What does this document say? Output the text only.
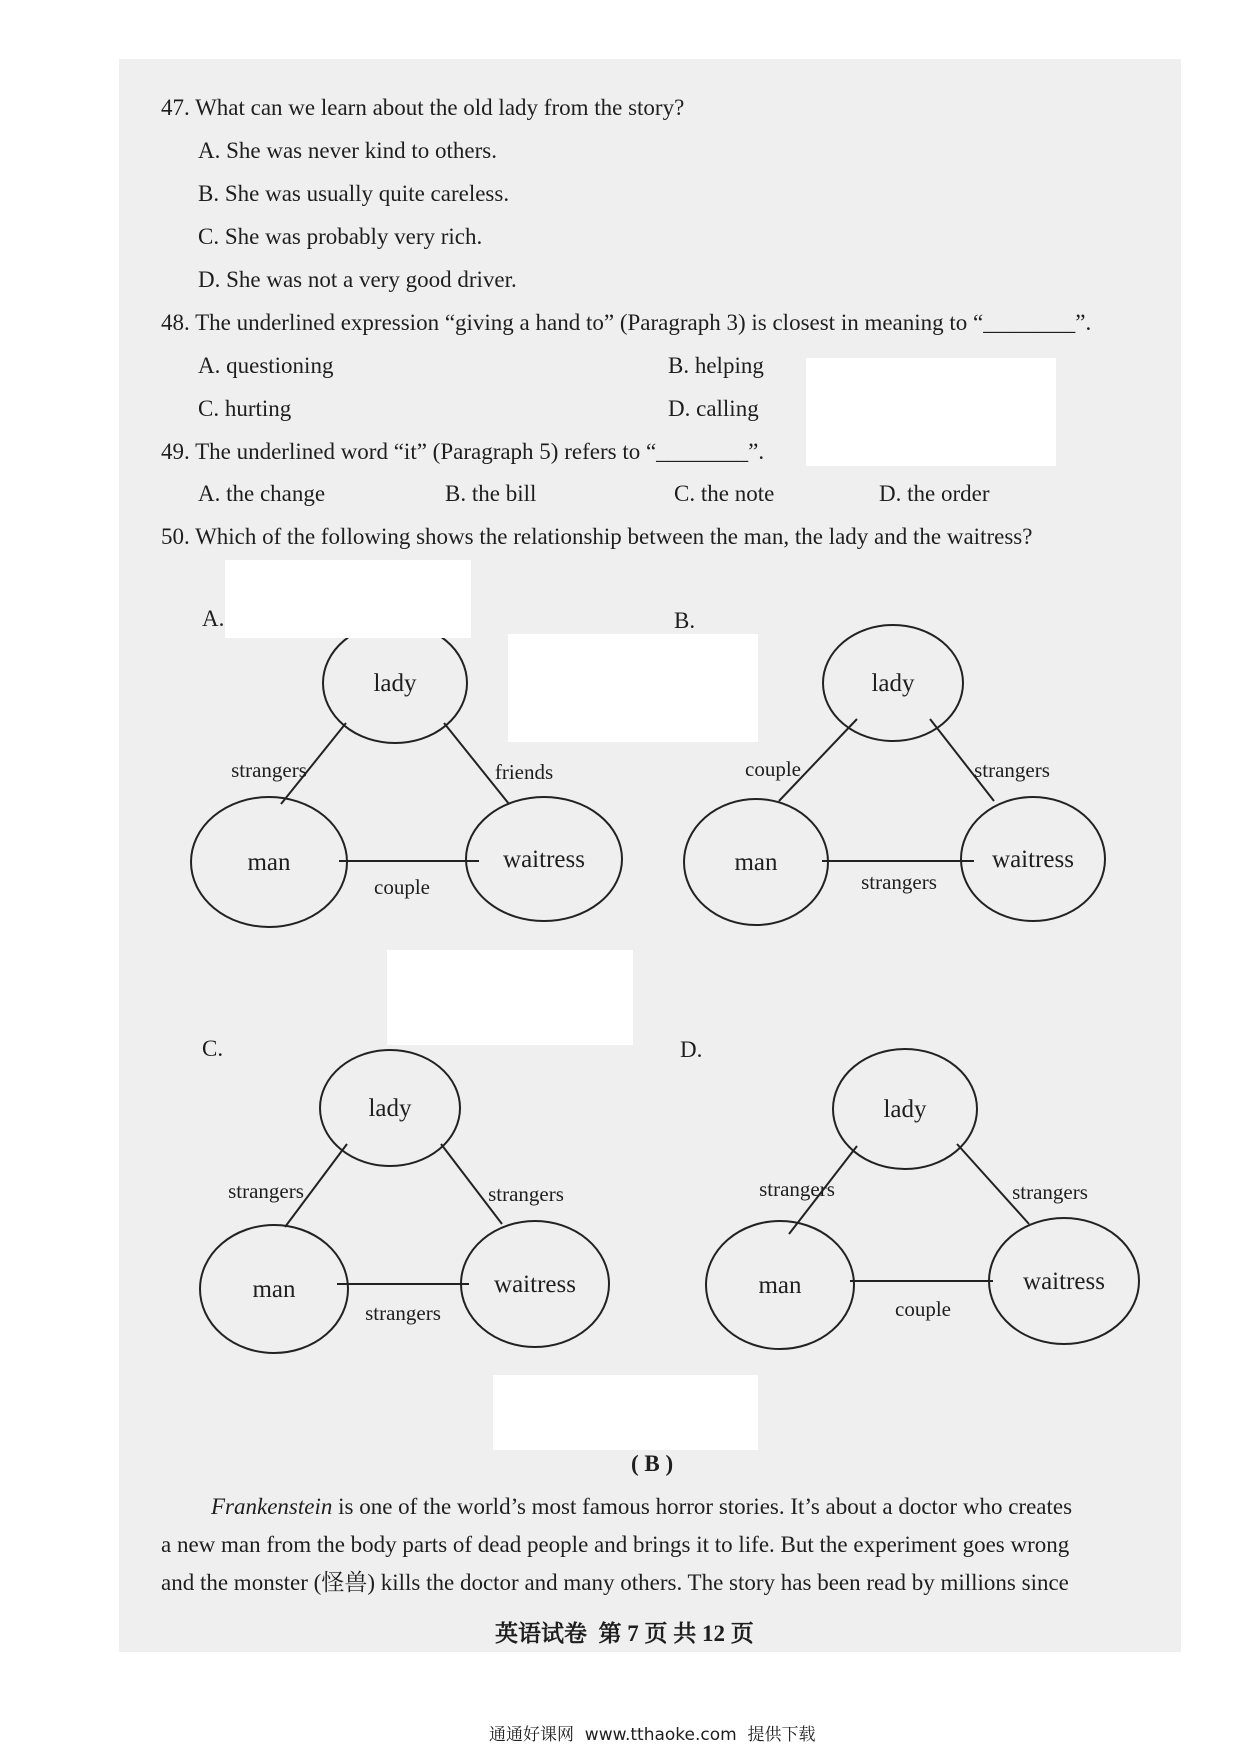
47. What can we learn about the old lady from the story?
A. She was never kind to others.
B. She was usually quite careless.
C. She was probably very rich.
D. She was not a very good driver.
48. The underlined expression “giving a hand to” (Paragraph 3) is closest in meaning to “________”.
A. questioning	B. helping
C. hurting	D. calling
49. The underlined word “it” (Paragraph 5) refers to “________”.
A. the change	B. the bill	C. the note	D. the order
50. Which of the following shows the relationship between the man, the lady and the waitress?
A.
lady
man	waitress
strangers	friends
couple
B.
lady
man	waitress
couple	strangers
strangers
C.
lady
man	waitress
strangers	strangers
strangers
D.
lady
man	waitress
strangers	strangers
couple
( B )
Frankenstein is one of the world’s most famous horror stories. It’s about a doctor who creates
a new man from the body parts of dead people and brings it to life. But the experiment goes wrong
and the monster (怪兽) kills the doctor and many others. The story has been read by millions since
英语试卷  第 7 页 共 12 页
通通好课网  www.tthaoke.com  提供下载
